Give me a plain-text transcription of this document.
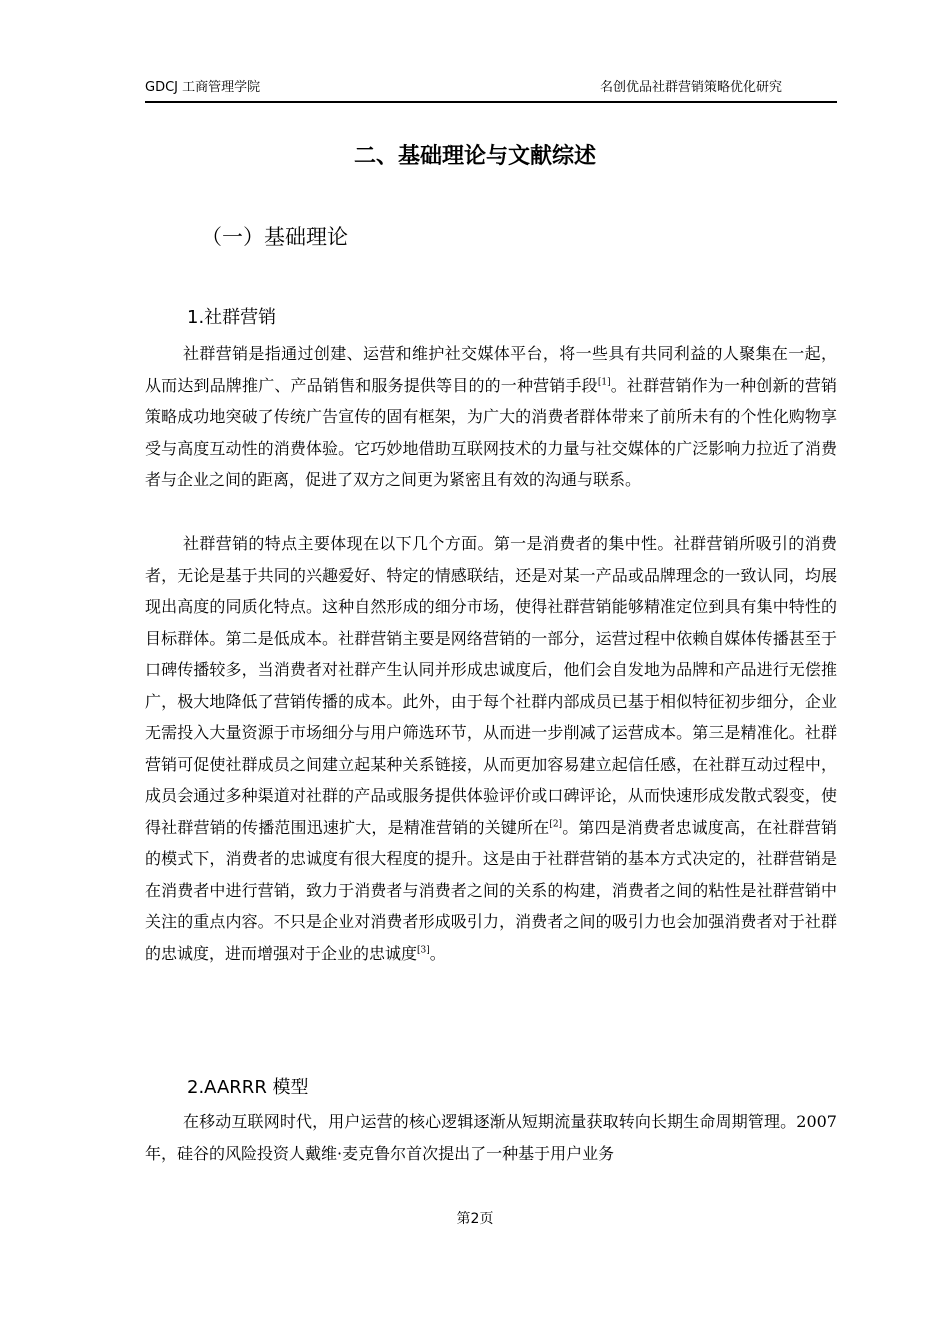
GDCJ 工商管理学院	名创优品社群营销策略优化研究
二、基础理论与文献综述
（一）基础理论
1.社群营销

社群营销是指通过创建、运营和维护社交媒体平台，将一些具有共同利益的人聚集在一起，从而达到品牌推广、产品销售和服务提供等目的的一种营销手段[1]。社群营销作为一种创新的营销策略成功地突破了传统广告宣传的固有框架，为广大的消费者群体带来了前所未有的个性化购物享受与高度互动性的消费体验。它巧妙地借助互联网技术的力量与社交媒体的广泛影响力拉近了消费者与企业之间的距离，促进了双方之间更为紧密且有效的沟通与联系。

社群营销的特点主要体现在以下几个方面。第一是消费者的集中性。社群营销所吸引的消费者，无论是基于共同的兴趣爱好、特定的情感联结，还是对某一产品或品牌理念的一致认同，均展现出高度的同质化特点。这种自然形成的细分市场，使得社群营销能够精准定位到具有集中特性的目标群体。第二是低成本。社群营销主要是网络营销的一部分，运营过程中依赖自媒体传播甚至于口碑传播较多，当消费者对社群产生认同并形成忠诚度后，他们会自发地为品牌和产品进行无偿推广，极大地降低了营销传播的成本。此外，由于每个社群内部成员已基于相似特征初步细分，企业无需投入大量资源于市场细分与用户筛选环节，从而进一步削减了运营成本。第三是精准化。社群营销可促使社群成员之间建立起某种关系链接，从而更加容易建立起信任感，在社群互动过程中，成员会通过多种渠道对社群的产品或服务提供体验评价或口碑评论，从而快速形成发散式裂变，使得社群营销的传播范围迅速扩大，是精准营销的关键所在[2]。第四是消费者忠诚度高，在社群营销的模式下，消费者的忠诚度有很大程度的提升。这是由于社群营销的基本方式决定的，社群营销是在消费者中进行营销，致力于消费者与消费者之间的关系的构建，消费者之间的粘性是社群营销中关注的重点内容。不只是企业对消费者形成吸引力，消费者之间的吸引力也会加强消费者对于社群的忠诚度，进而增强对于企业的忠诚度[3]。

2.AARRR 模型

在移动互联网时代，用户运营的核心逻辑逐渐从短期流量获取转向长期生命周期管理。2007年，硅谷的风险投资人戴维·麦克鲁尔首次提出了一种基于用户业务

第2页
